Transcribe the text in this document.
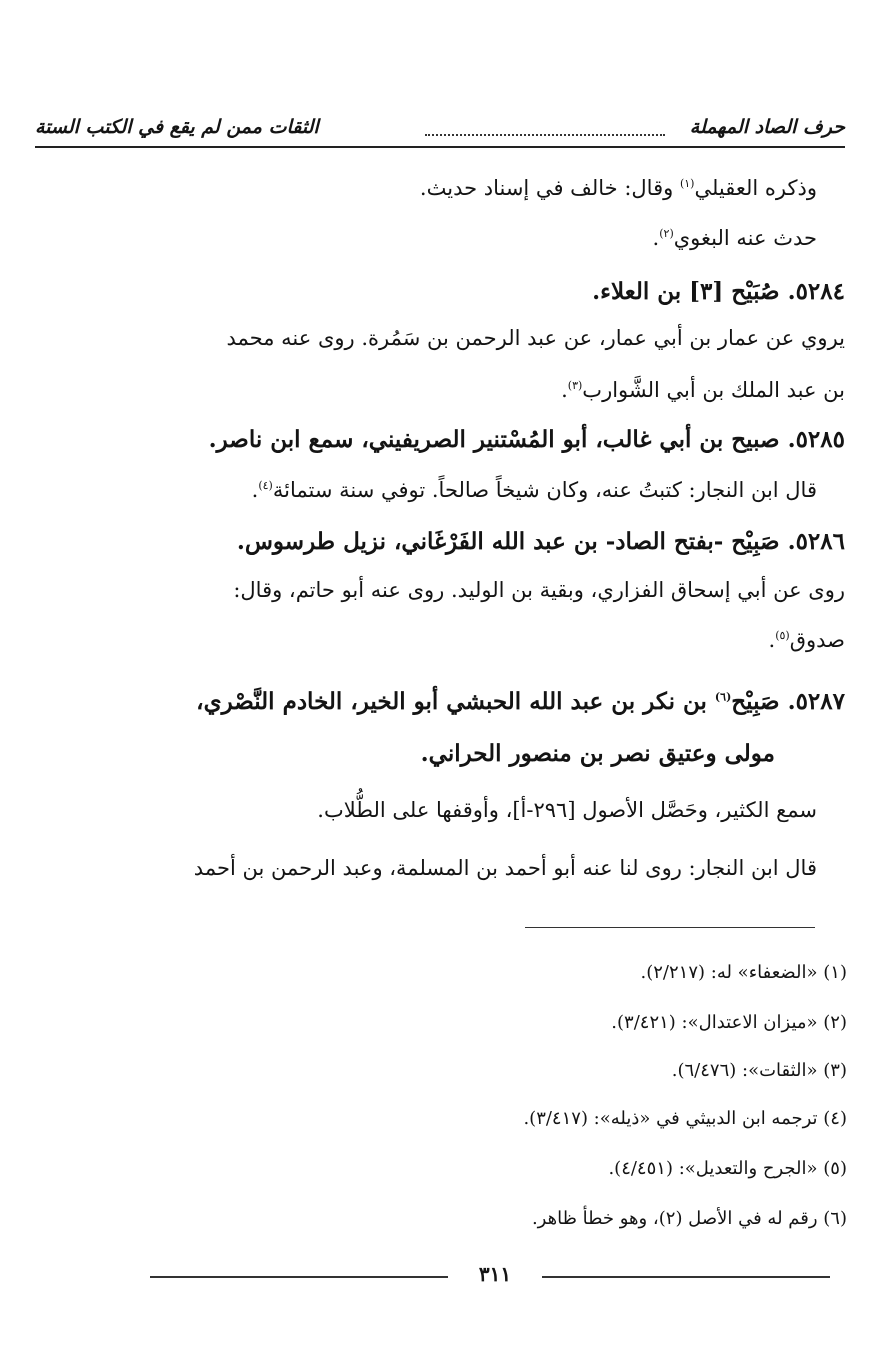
حرف الصاد المهملة
الثقات ممن لم يقع في الكتب الستة
وذكره العقيلي$^{(١)}$ وقال: خالف في إسناد حديث.
حدث عنه البغوي$^{(٢)}$.
٥٢٨٤. صُبَيْح [٣] بن العلاء.
يروي عن عمار بن أبي عمار، عن عبد الرحمن بن سَمُرة. روى عنه محمد
بن عبد الملك بن أبي الشَّوارب$^{(٣)}$.
٥٢٨٥. صبيح بن أبي غالب، أبو المُسْتنير الصريفيني، سمع ابن ناصر.
قال ابن النجار: كتبتُ عنه، وكان شيخاً صالحاً. توفي سنة ستمائة$^{(٤)}$.
٥٢٨٦. صَبِيْح -بفتح الصاد- بن عبد الله الفَرْغَاني، نزيل طرسوس.
روى عن أبي إسحاق الفزاري، وبقية بن الوليد. روى عنه أبو حاتم، وقال:
صدوق$^{(٥)}$.
٥٢٨٧. صَبِيْح$^{(٦)}$ بن نكر بن عبد الله الحبشي أبو الخير، الخادم النَّصْري،
مولى وعتيق نصر بن منصور الحراني.
سمع الكثير، وحَصَّل الأصول [٢٩٦-أ]، وأوقفها على الطُّلاب.
قال ابن النجار: روى لنا عنه أبو أحمد بن المسلمة، وعبد الرحمن بن أحمد
(١) «الضعفاء» له: (٢/٢١٧).
(٢) «ميزان الاعتدال»: (٣/٤٢١).
(٣) «الثقات»: (٦/٤٧٦).
(٤) ترجمه ابن الدبيثي في «ذيله»: (٣/٤١٧).
(٥) «الجرح والتعديل»: (٤/٤٥١).
(٦) رقم له في الأصل (٢)، وهو خطأ ظاهر.
٣١١
